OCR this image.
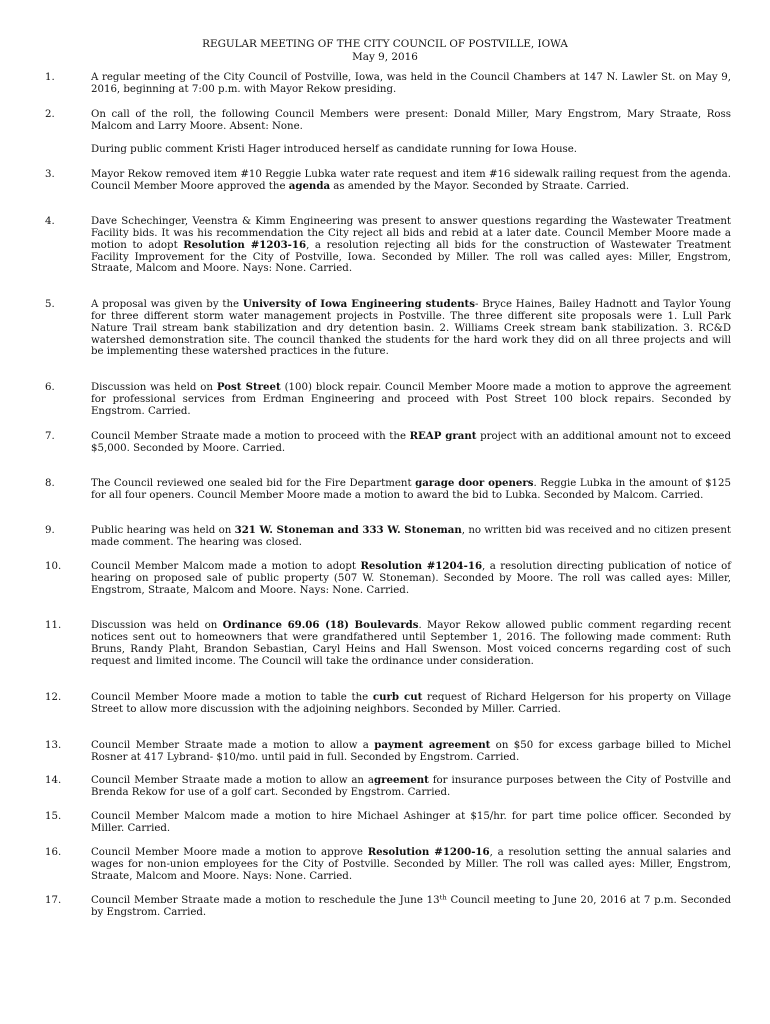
REGULAR MEETING OF THE CITY COUNCIL OF POSTVILLE, IOWA
May 9, 2016
1.	A regular meeting of the City Council of Postville, Iowa, was held in the Council Chambers at 147 N. Lawler St. on May 9, 2016, beginning at 7:00 p.m. with Mayor Rekow presiding.
2.	On call of the roll, the following Council Members were present: Donald Miller, Mary Engstrom, Mary Straate, Ross Malcom and Larry Moore. Absent: None.
During public comment Kristi Hager introduced herself as candidate running for Iowa House.
3.	Mayor Rekow removed item #10 Reggie Lubka water rate request and item #16 sidewalk railing request from the agenda. Council Member Moore approved the agenda as amended by the Mayor. Seconded by Straate. Carried.
4.	Dave Schechinger, Veenstra & Kimm Engineering was present to answer questions regarding the Wastewater Treatment Facility bids. It was his recommendation the City reject all bids and rebid at a later date. Council Member Moore made a motion to adopt Resolution #1203-16, a resolution rejecting all bids for the construction of Wastewater Treatment Facility Improvement for the City of Postville, Iowa. Seconded by Miller. The roll was called ayes: Miller, Engstrom, Straate, Malcom and Moore. Nays: None. Carried.
5.	A proposal was given by the University of Iowa Engineering students- Bryce Haines, Bailey Hadnott and Taylor Young for three different storm water management projects in Postville. The three different site proposals were 1. Lull Park Nature Trail stream bank stabilization and dry detention basin. 2. Williams Creek stream bank stabilization. 3. RC&D watershed demonstration site. The council thanked the students for the hard work they did on all three projects and will be implementing these watershed practices in the future.
6.	Discussion was held on Post Street (100) block repair. Council Member Moore made a motion to approve the agreement for professional services from Erdman Engineering and proceed with Post Street 100 block repairs. Seconded by Engstrom. Carried.
7.	Council Member Straate made a motion to proceed with the REAP grant project with an additional amount not to exceed $5,000. Seconded by Moore. Carried.
8.	The Council reviewed one sealed bid for the Fire Department garage door openers. Reggie Lubka in the amount of $125 for all four openers. Council Member Moore made a motion to award the bid to Lubka. Seconded by Malcom. Carried.
9.	Public hearing was held on 321 W. Stoneman and 333 W. Stoneman, no written bid was received and no citizen present made comment. The hearing was closed.
10.	Council Member Malcom made a motion to adopt Resolution #1204-16, a resolution directing publication of notice of hearing on proposed sale of public property (507 W. Stoneman). Seconded by Moore. The roll was called ayes: Miller, Engstrom, Straate, Malcom and Moore. Nays: None. Carried.
11.	Discussion was held on Ordinance 69.06 (18) Boulevards. Mayor Rekow allowed public comment regarding recent notices sent out to homeowners that were grandfathered until September 1, 2016. The following made comment: Ruth Bruns, Randy Plaht, Brandon Sebastian, Caryl Heins and Hall Swenson. Most voiced concerns regarding cost of such request and limited income. The Council will take the ordinance under consideration.
12.	Council Member Moore made a motion to table the curb cut request of Richard Helgerson for his property on Village Street to allow more discussion with the adjoining neighbors. Seconded by Miller. Carried.
13.	Council Member Straate made a motion to allow a payment agreement on $50 for excess garbage billed to Michel Rosner at 417 Lybrand- $10/mo. until paid in full. Seconded by Engstrom. Carried.
14.	Council Member Straate made a motion to allow an agreement for insurance purposes between the City of Postville and Brenda Rekow for use of a golf cart. Seconded by Engstrom. Carried.
15.	Council Member Malcom made a motion to hire Michael Ashinger at $15/hr. for part time police officer. Seconded by Miller. Carried.
16.	Council Member Moore made a motion to approve Resolution #1200-16, a resolution setting the annual salaries and wages for non-union employees for the City of Postville. Seconded by Miller. The roll was called ayes: Miller, Engstrom, Straate, Malcom and Moore. Nays: None. Carried.
17.	Council Member Straate made a motion to reschedule the June 13th Council meeting to June 20, 2016 at 7 p.m. Seconded by Engstrom. Carried.
